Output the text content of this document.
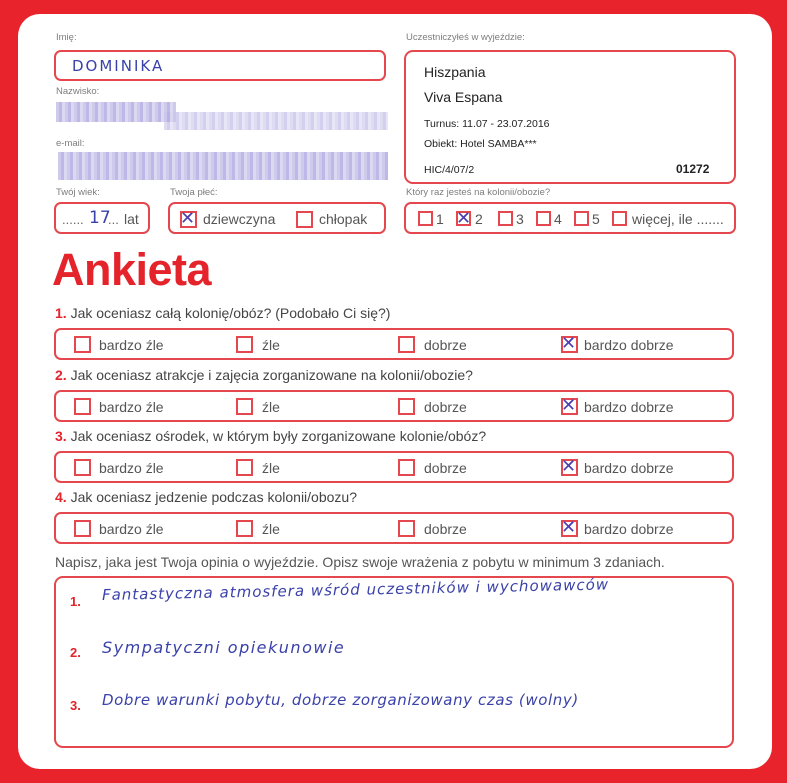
Imię:
DOMINIKA
Nazwisko:
e-mail:
Twój wiek:
...... 17
... lat
Twoja płeć:
✕ dziewczyna	chłopak
Uczestniczyłeś w wyjeździe:
Hiszpania
Viva Espana
Turnus: 11.07 - 23.07.2016
Obiekt: Hotel SAMBA***
HIC/4/07/2	01272
Który raz jesteś na kolonii/obozie?
1 ✕ 2 3 4 5 więcej, ile .......
Ankieta
1. Jak oceniasz całą kolonię/obóz? (Podobało Ci się?)
bardzo źle	źle	dobrze	✕ bardzo dobrze
2. Jak oceniasz atrakcje i zajęcia zorganizowane na kolonii/obozie?
bardzo źle	źle	dobrze	✕ bardzo dobrze
3. Jak oceniasz ośrodek, w którym były zorganizowane kolonie/obóz?
bardzo źle	źle	dobrze	✕ bardzo dobrze
4. Jak oceniasz jedzenie podczas kolonii/obozu?
bardzo źle	źle	dobrze	✕ bardzo dobrze
Napisz, jaka jest Twoja opinia o wyjeździe. Opisz swoje wrażenia z pobytu w minimum 3 zdaniach.
1. Fantastyczna atmosfera wśród uczestników i wychowawców
2. Sympatyczni opiekunowie
3. Dobre warunki pobytu, dobrze zorganizowany czas (wolny)
